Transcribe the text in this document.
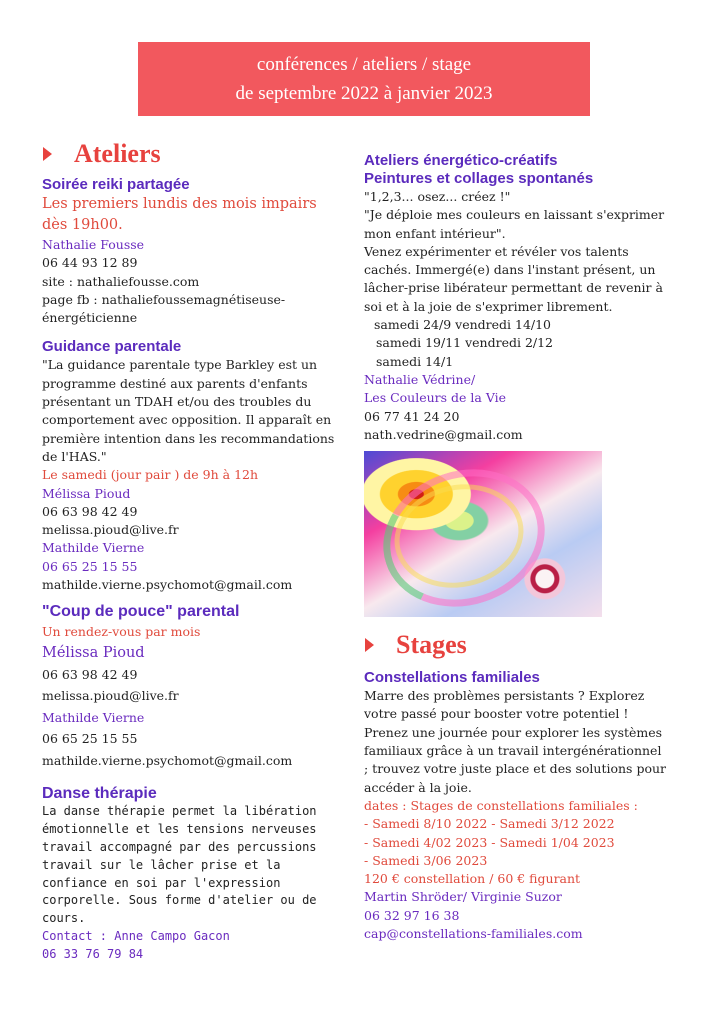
conférences / ateliers / stage
de septembre 2022 à janvier 2023
Ateliers
Soirée reiki partagée
Les premiers lundis des mois impairs dès 19h00.
Nathalie Fousse
06 44 93 12 89
site : nathaliefousse.com
page fb : nathaliefoussemagnétiseuse-énergéticienne
Guidance parentale
"La guidance parentale type Barkley est un programme destiné aux parents d'enfants présentant un TDAH et/ou des troubles du comportement avec opposition. Il apparaît en première intention dans les recommandations de l'HAS."
Le samedi (jour pair ) de 9h à 12h
Mélissa Pioud
06 63 98 42 49
melissa.pioud@live.fr
Mathilde Vierne
06 65 25 15 55
mathilde.vierne.psychomot@gmail.com
"Coup de pouce" parental
Un rendez-vous par mois
Mélissa Pioud
06 63 98 42 49
melissa.pioud@live.fr
Mathilde Vierne
06 65 25 15 55
mathilde.vierne.psychomot@gmail.com
Danse thérapie
La danse thérapie permet la libération émotionnelle et les tensions nerveuses travail accompagné par des percussions travail sur le lâcher prise et la confiance en soi par l'expression corporelle. Sous forme d'atelier ou de cours.
Contact : Anne Campo Gacon
06 33 76 79 84
Ateliers énergético-créatifs
Peintures et collages spontanés
"1,2,3... osez... créez !"
"Je déploie mes couleurs en laissant s'exprimer mon enfant intérieur".
Venez expérimenter et révéler vos talents cachés. Immergé(e) dans l'instant présent, un lâcher-prise libérateur permettant de revenir à soi et à la joie de s'exprimer librement.
samedi 24/9 vendredi 14/10
samedi 19/11 vendredi 2/12
samedi 14/1
Nathalie Védrine/
Les Couleurs de la Vie
06 77 41 24 20
nath.vedrine@gmail.com
Stages
Constellations familiales
Marre des problèmes persistants ? Explorez votre passé pour booster votre potentiel ! Prenez une journée pour explorer les systèmes familiaux grâce à un travail intergénérationnel ; trouvez votre juste place et des solutions pour accéder à la joie.
dates : Stages de constellations familiales :
- Samedi 8/10 2022 - Samedi 3/12 2022
- Samedi 4/02 2023 - Samedi 1/04 2023
- Samedi 3/06 2023
120 € constellation / 60 € figurant
Martin Shröder/ Virginie Suzor
06 32 97 16 38
cap@constellations-familiales.com
